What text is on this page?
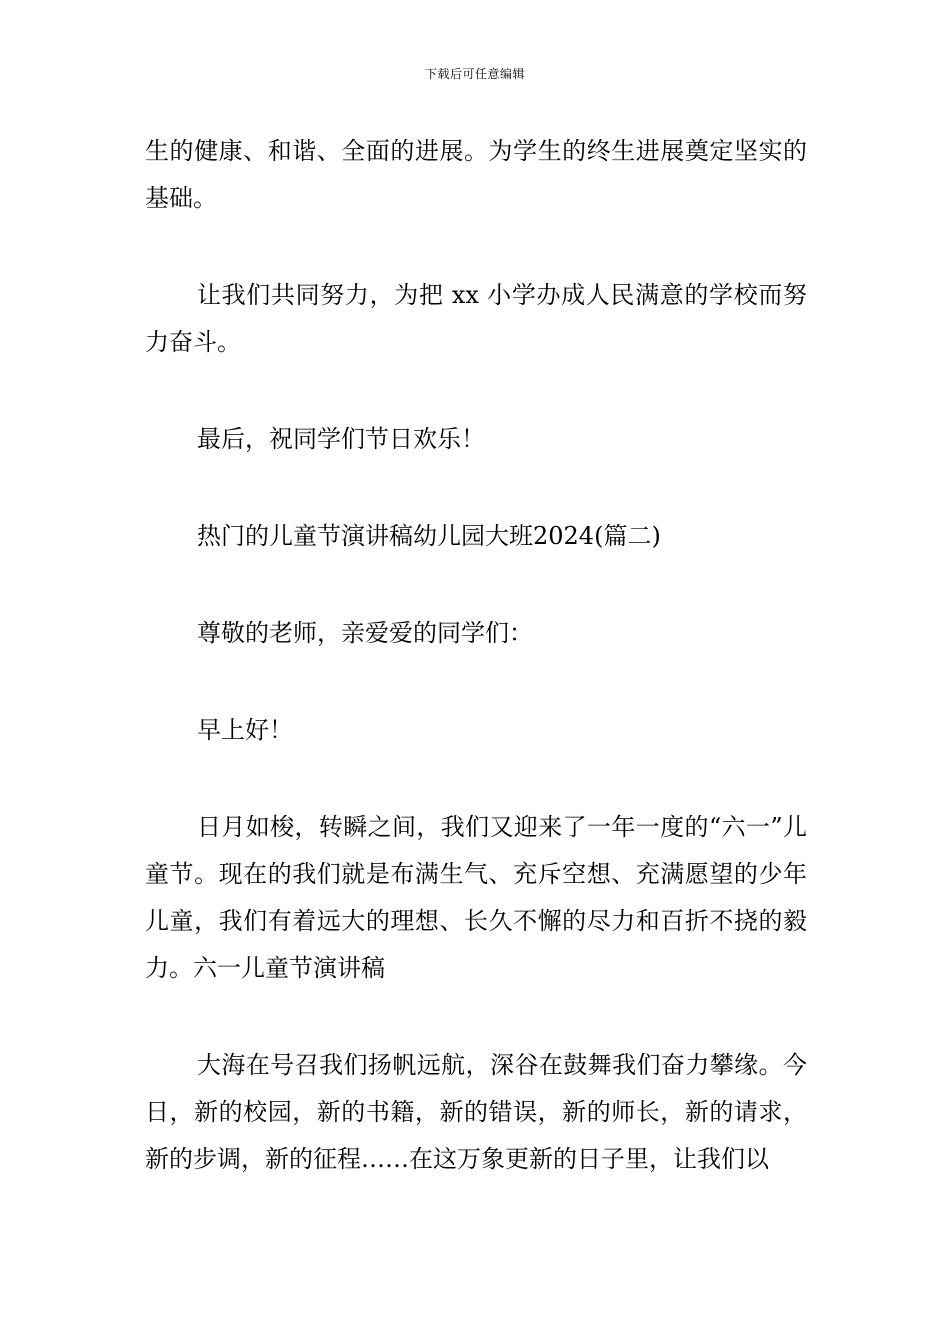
下载后可任意编辑

生的健康、和谐、全面的进展。为学生的终生进展奠定坚实的基础。

让我们共同努力，为把 xx 小学办成人民满意的学校而努力奋斗。

最后，祝同学们节日欢乐！

热门的儿童节演讲稿幼儿园大班2024(篇二)

尊敬的老师，亲爱爱的同学们：

早上好！

日月如梭，转瞬之间，我们又迎来了一年一度的“六一”儿童节。现在的我们就是布满生气、充斥空想、充满愿望的少年儿童，我们有着远大的理想、长久不懈的尽力和百折不挠的毅力。六一儿童节演讲稿

大海在号召我们扬帆远航，深谷在鼓舞我们奋力攀缘。今日，新的校园，新的书籍，新的错误，新的师长，新的请求，新的步调，新的征程……在这万象更新的日子里，让我们以
